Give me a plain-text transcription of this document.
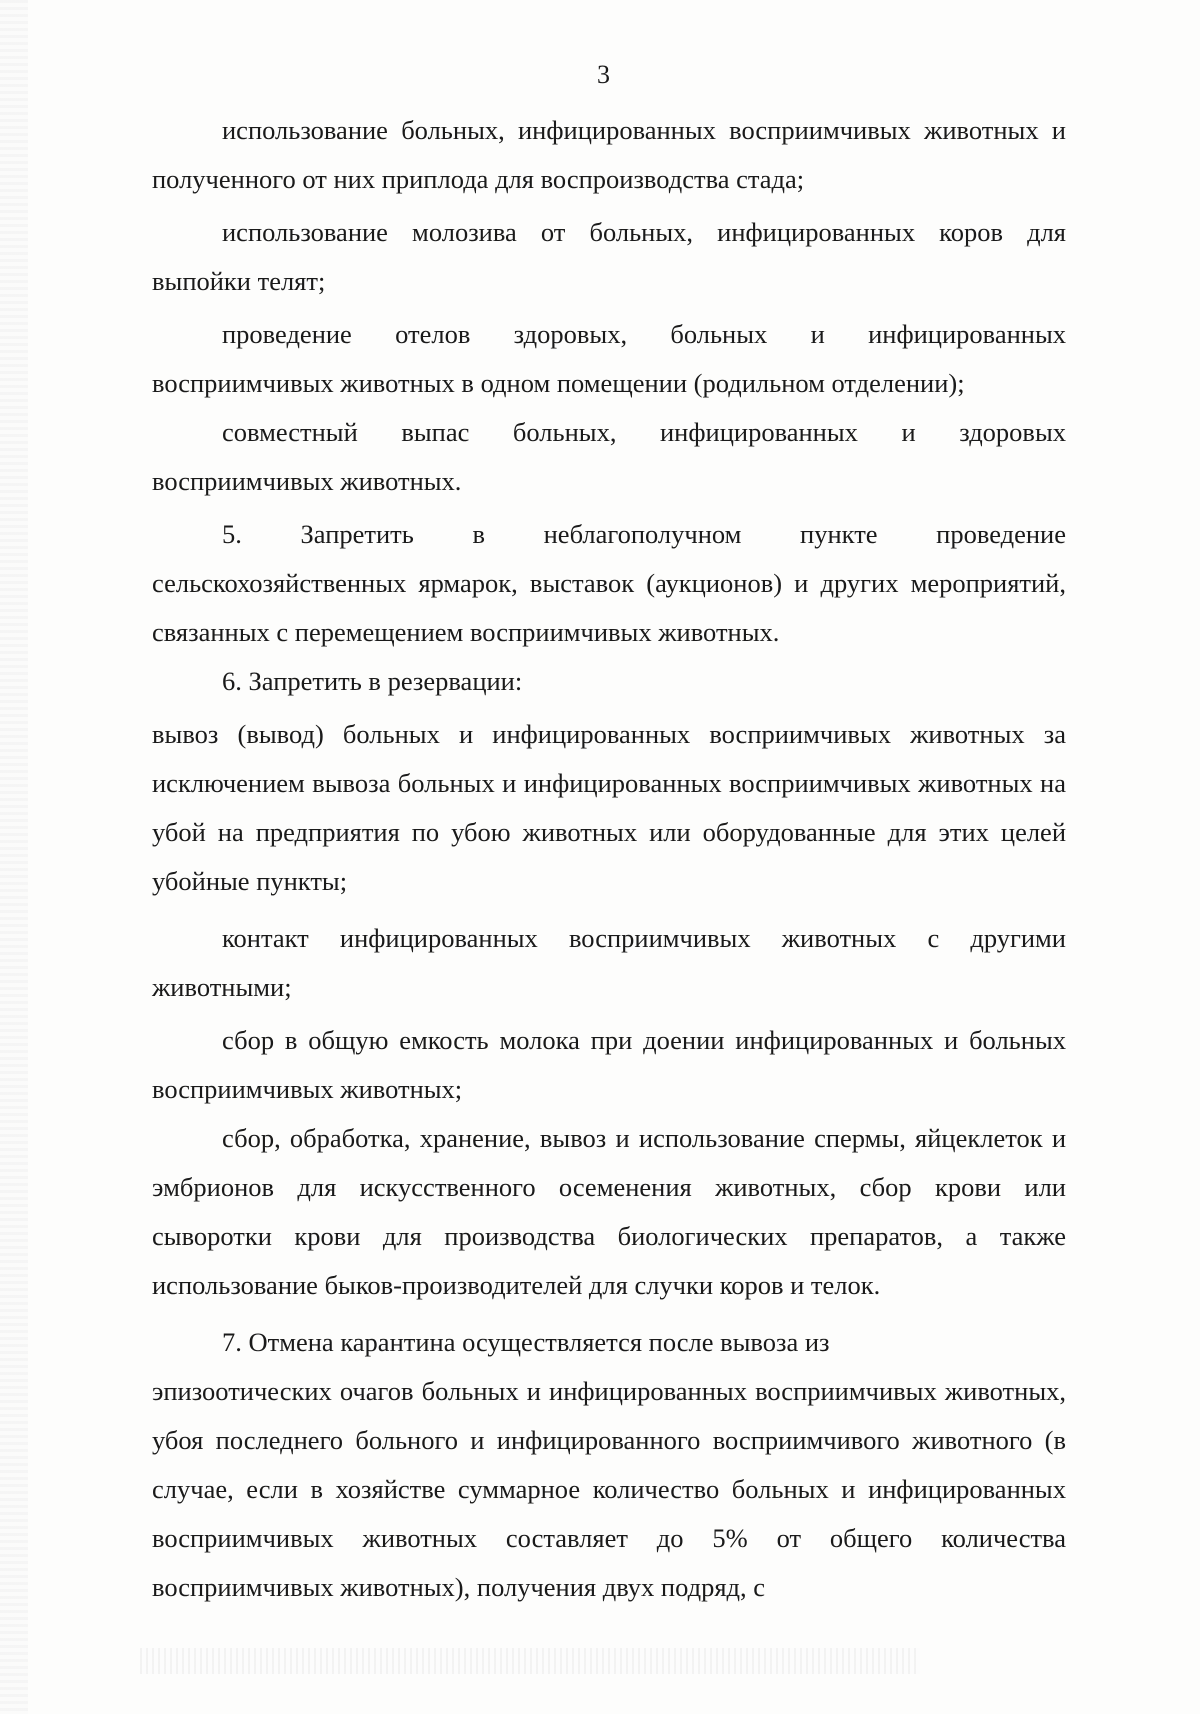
3

использование больных, инфицированных восприимчивых животных и полученного от них приплода для воспроизводства стада;

использование молозива от больных, инфицированных коров для выпойки телят;

проведение отелов здоровых, больных и инфицированных восприимчивых животных в одном помещении (родильном отделении);

совместный выпас больных, инфицированных и здоровых восприимчивых животных.

5. Запретить в неблагополучном пункте проведение сельскохозяйственных ярмарок, выставок (аукционов) и других мероприятий, связанных с перемещением восприимчивых животных.

6. Запретить в резервации:

вывоз (вывод) больных и инфицированных восприимчивых животных за исключением вывоза больных и инфицированных восприимчивых животных на убой на предприятия по убою животных или оборудованные для этих целей убойные пункты;

контакт инфицированных восприимчивых животных с другими животными;

сбор в общую емкость молока при доении инфицированных и больных восприимчивых животных;

сбор, обработка, хранение, вывоз и использование спермы, яйцеклеток и эмбрионов для искусственного осеменения животных, сбор крови или сыворотки крови для производства биологических препаратов, а также использование быков-производителей для случки коров и телок.

7. Отмена карантина осуществляется после вывоза из

эпизоотических очагов больных и инфицированных восприимчивых животных, убоя последнего больного и инфицированного восприимчивого животного (в случае, если в хозяйстве суммарное количество больных и инфицированных восприимчивых животных составляет до 5% от общего количества восприимчивых животных), получения двух подряд, с
